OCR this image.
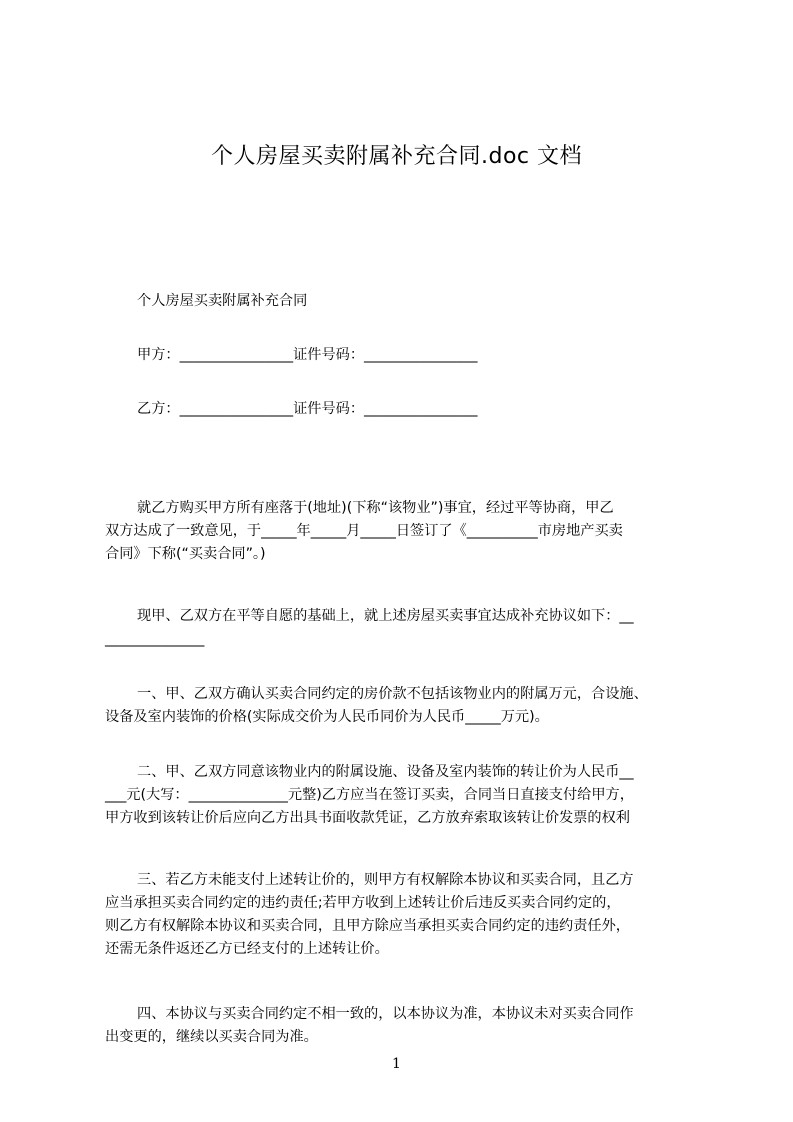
个人房屋买卖附属补充合同.doc 文档

个人房屋买卖附属补充合同

甲方：________________证件号码：________________

乙方：________________证件号码：________________

就乙方购买甲方所有座落于(地址)(下称“该物业”)事宜，经过平等协商，甲乙
双方达成了一致意见，于_____年_____月_____日签订了《__________市房地产买卖
合同》下称(“买卖合同”。)

现甲、乙双方在平等自愿的基础上，就上述房屋买卖事宜达成补充协议如下：__
______________

一、甲、乙双方确认买卖合同约定的房价款不包括该物业内的附属万元，合设施、
设备及室内装饰的价格(实际成交价为人民币同价为人民币_____万元)。

二、甲、乙双方同意该物业内的附属设施、设备及室内装饰的转让价为人民币__
___元(大写：______________元整)乙方应当在签订买卖，合同当日直接支付给甲方，
甲方收到该转让价后应向乙方出具书面收款凭证，乙方放弃索取该转让价发票的权利

三、若乙方未能支付上述转让价的，则甲方有权解除本协议和买卖合同，且乙方
应当承担买卖合同约定的违约责任;若甲方收到上述转让价后违反买卖合同约定的，
则乙方有权解除本协议和买卖合同，且甲方除应当承担买卖合同约定的违约责任外，
还需无条件返还乙方已经支付的上述转让价。

四、本协议与买卖合同约定不相一致的，以本协议为准，本协议未对买卖合同作
出变更的，继续以买卖合同为准。

1
